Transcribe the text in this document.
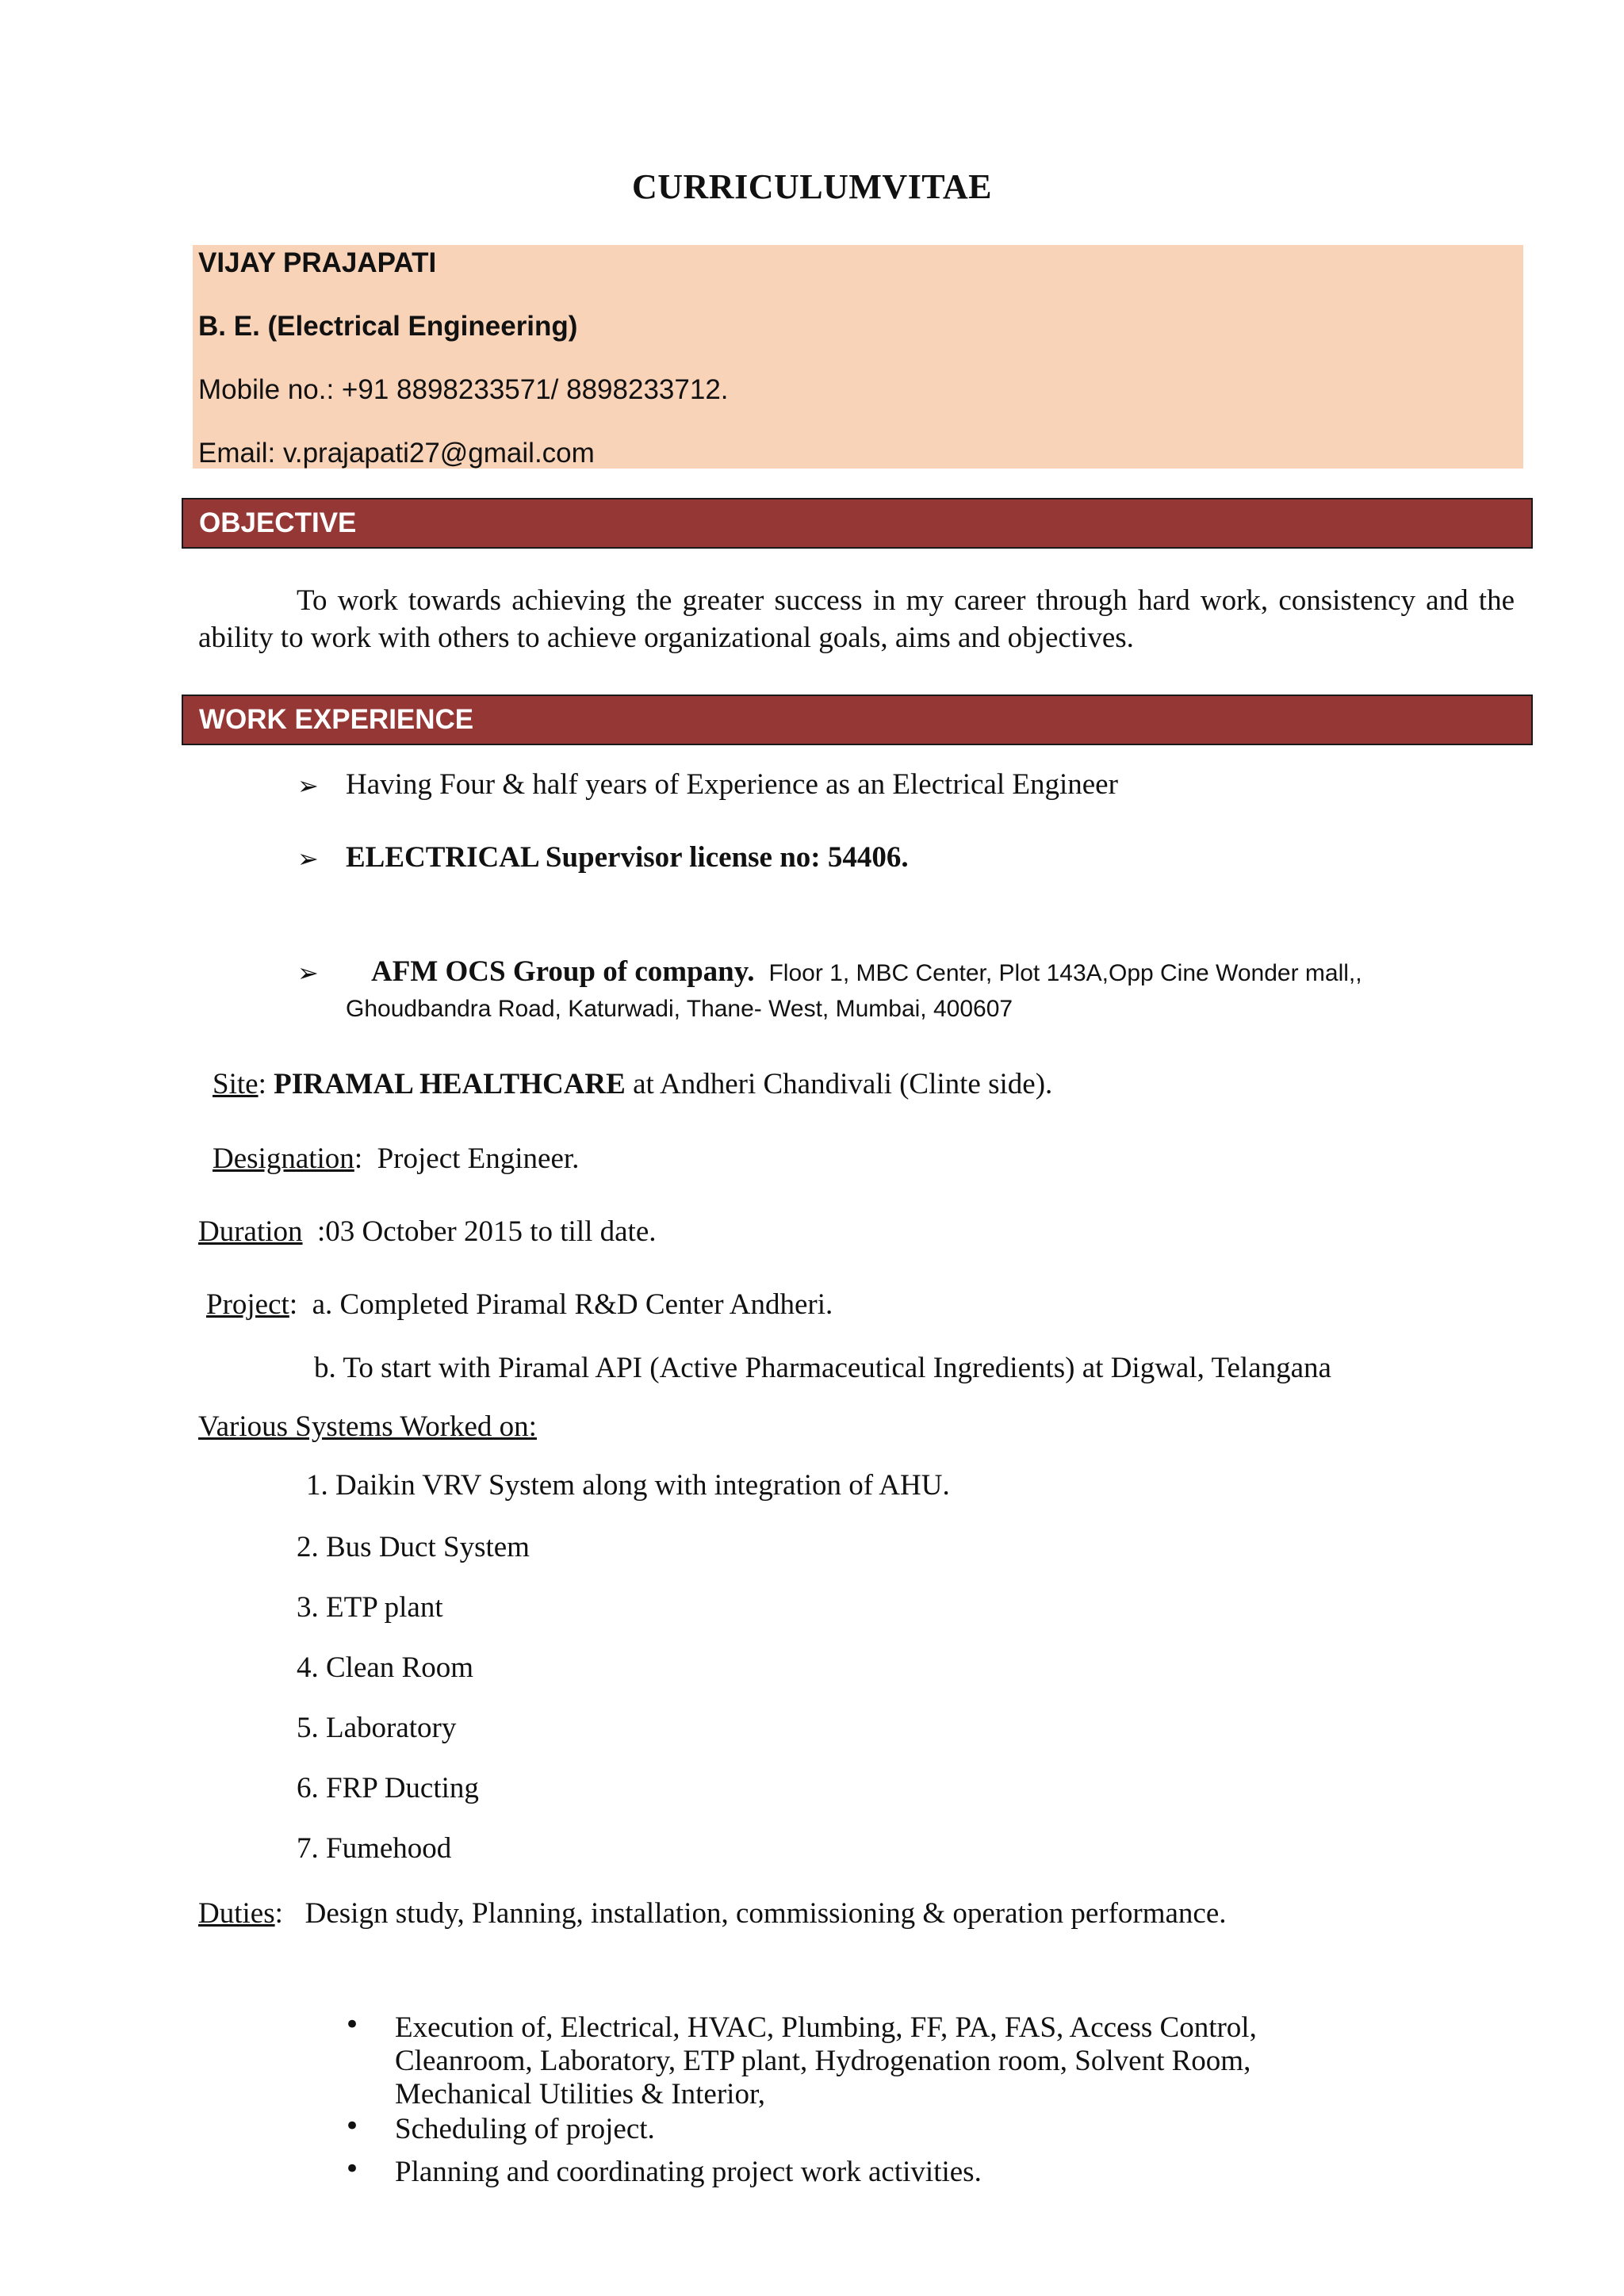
CURRICULUMVITAE
VIJAY PRAJAPATI
B. E. (Electrical Engineering)
Mobile no.: +91 8898233571/ 8898233712.
Email: v.prajapati27@gmail.com
OBJECTIVE
To work towards achieving the greater success in my career through hard work, consistency and the ability to work with others to achieve organizational goals, aims and objectives.
WORK EXPERIENCE
➢ Having Four & half years of Experience as an Electrical Engineer
➢ ELECTRICAL Supervisor license no: 54406.
➢ AFM OCS Group of company. Floor 1, MBC Center, Plot 143A,Opp Cine Wonder mall,,
Ghoudbandra Road, Katurwadi, Thane- West, Mumbai, 400607
Site: PIRAMAL HEALTHCARE at Andheri Chandivali (Clinte side).
Designation:  Project Engineer.
Duration :03 October 2015 to till date.
Project:  a. Completed Piramal R&D Center Andheri.
b. To start with Piramal API (Active Pharmaceutical Ingredients) at Digwal, Telangana
Various Systems Worked on:
1. Daikin VRV System along with integration of AHU.
2. Bus Duct System
3. ETP plant
4. Clean Room
5. Laboratory
6. FRP Ducting
7. Fumehood
Duties:   Design study, Planning, installation, commissioning & operation performance.
• Execution of, Electrical, HVAC, Plumbing, FF, PA, FAS, Access Control,
Cleanroom, Laboratory, ETP plant, Hydrogenation room, Solvent Room,
Mechanical Utilities & Interior,
• Scheduling of project.
• Planning and coordinating project work activities.
